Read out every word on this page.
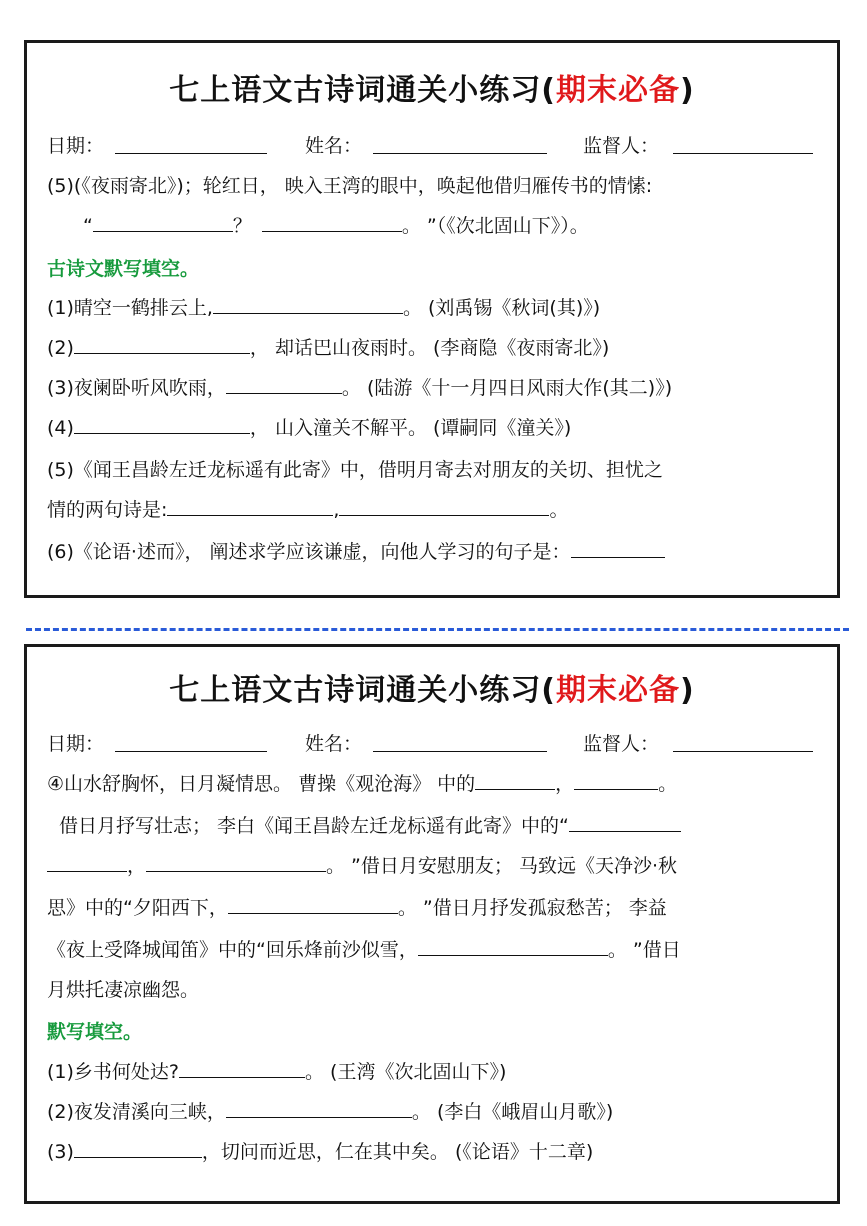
七上语文古诗词通关小练习(期末必备)
日期：	姓名：	监督人：
(5)(《夜雨寄北》)；轮红日， 映入王湾的眼中，唤起他借归雁传书的情愫:
“	？	。 ”（《次北固山下》）。
古诗文默写填空。
(1)晴空一鹤排云上,	。 (刘禹锡《秋词(其)》)
(2)	， 却话巴山夜雨时。 (李商隐《夜雨寄北》)
(3)夜阑卧听风吹雨，	。 (陆游《十一月四日风雨大作(其二)》)
(4)	， 山入潼关不解平。 (谭嗣同《潼关》)
(5)《闻王昌龄左迁龙标遥有此寄》中，借明月寄去对朋友的关切、担忧之
情的两句诗是:	,	。
(6)《论语·述而》， 阐述求学应该谦虚，向他人学习的句子是：
七上语文古诗词通关小练习(期末必备)
日期：	姓名：	监督人：
④山水舒胸怀，日月凝情思。 曹操《观沧海》 中的	，	。
借日月抒写壮志； 李白《闻王昌龄左迁龙标遥有此寄》中的“
，	。 ”借日月安慰朋友； 马致远《天净沙·秋
思》中的“夕阳西下，	。 ”借日月抒发孤寂愁苦； 李益
《夜上受降城闻笛》中的“回乐烽前沙似雪，	。 ”借日
月烘托凄凉幽怨。
默写填空。
(1)乡书何处达?	。 (王湾《次北固山下》)
(2)夜发清溪向三峡，	。 (李白《峨眉山月歌》)
(3)	，切问而近思，仁在其中矣。 (《论语》十二章)
